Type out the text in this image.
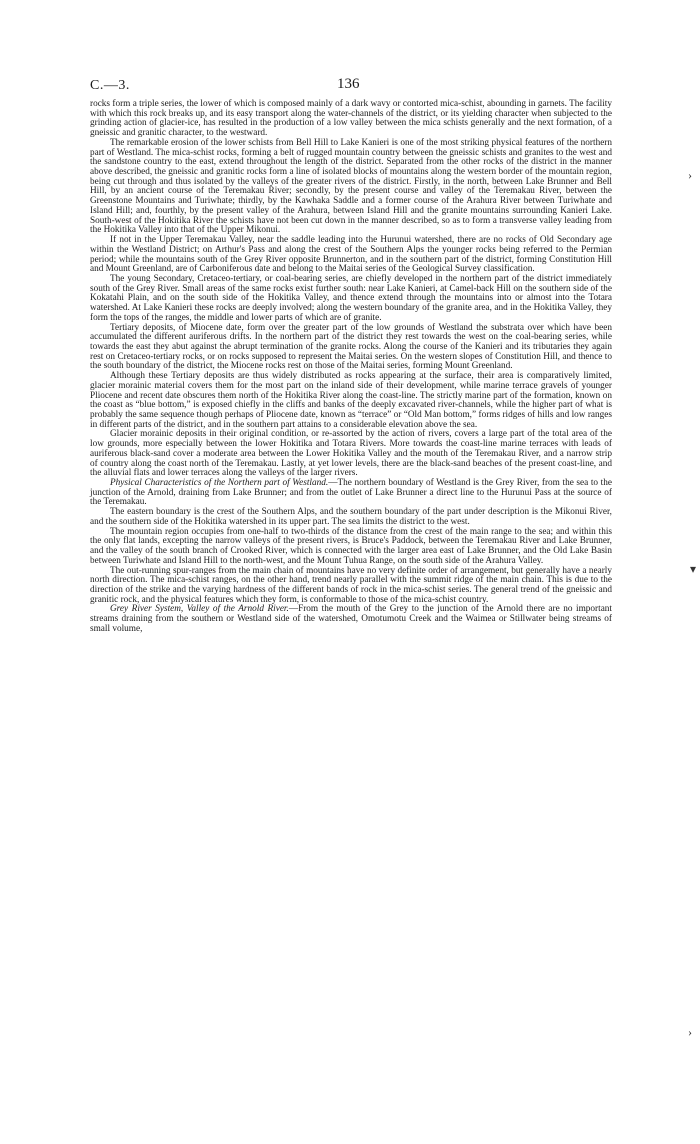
C.—3.	136

rocks form a triple series, the lower of which is composed mainly of a dark wavy or contorted mica-schist, abounding in garnets. The facility with which this rock breaks up, and its easy transport along the water-channels of the district, or its yielding character when subjected to the grinding action of glacier-ice, has resulted in the production of a low valley between the mica schists generally and the next formation, of a gneissic and granitic character, to the westward.

The remarkable erosion of the lower schists from Bell Hill to Lake Kanieri is one of the most striking physical features of the northern part of Westland. The mica-schist rocks, forming a belt of rugged mountain country between the gneissic schists and granites to the west and the sandstone country to the east, extend throughout the length of the district. Separated from the other rocks of the district in the manner above described, the gneissic and granitic rocks form a line of isolated blocks of mountains along the western border of the mountain region, being cut through and thus isolated by the valleys of the greater rivers of the district. Firstly, in the north, between Lake Brunner and Bell Hill, by an ancient course of the Teremakau River; secondly, by the present course and valley of the Teremakau River, between the Greenstone Mountains and Turiwhate; thirdly, by the Kawhaka Saddle and a former course of the Arahura River between Turiwhate and Island Hill; and, fourthly, by the present valley of the Arahura, between Island Hill and the granite mountains surrounding Kanieri Lake. South-west of the Hokitika River the schists have not been cut down in the manner described, so as to form a transverse valley leading from the Hokitika Valley into that of the Upper Mikonui.

If not in the Upper Teremakau Valley, near the saddle leading into the Hurunui watershed, there are no rocks of Old Secondary age within the Westland District; on Arthur's Pass and along the crest of the Southern Alps the younger rocks being referred to the Permian period; while the mountains south of the Grey River opposite Brunnerton, and in the southern part of the district, forming Constitution Hill and Mount Greenland, are of Carboniferous date and belong to the Maitai series of the Geological Survey classification.

The young Secondary, Cretaceo-tertiary, or coal-bearing series, are chiefly developed in the northern part of the district immediately south of the Grey River. Small areas of the same rocks exist further south: near Lake Kanieri, at Camel-back Hill on the southern side of the Kokatahi Plain, and on the south side of the Hokitika Valley, and thence extend through the mountains into or almost into the Totara watershed. At Lake Kanieri these rocks are deeply involved; along the western boundary of the granite area, and in the Hokitika Valley, they form the tops of the ranges, the middle and lower parts of which are of granite.

Tertiary deposits, of Miocene date, form over the greater part of the low grounds of Westland the substrata over which have been accumulated the different auriferous drifts. In the northern part of the district they rest towards the west on the coal-bearing series, while towards the east they abut against the abrupt termination of the granite rocks. Along the course of the Kanieri and its tributaries they again rest on Cretaceo-tertiary rocks, or on rocks supposed to represent the Maitai series. On the western slopes of Constitution Hill, and thence to the south boundary of the district, the Miocene rocks rest on those of the Maitai series, forming Mount Greenland.

Although these Tertiary deposits are thus widely distributed as rocks appearing at the surface, their area is comparatively limited, glacier morainic material covers them for the most part on the inland side of their development, while marine terrace gravels of younger Pliocene and recent date obscures them north of the Hokitika River along the coast-line. The strictly marine part of the formation, known on the coast as “blue bottom,” is exposed chiefly in the cliffs and banks of the deeply excavated river-channels, while the higher part of what is probably the same sequence though perhaps of Pliocene date, known as “terrace” or “Old Man bottom,” forms ridges of hills and low ranges in different parts of the district, and in the southern part attains to a considerable elevation above the sea.

Glacier morainic deposits in their original condition, or re-assorted by the action of rivers, covers a large part of the total area of the low grounds, more especially between the lower Hokitika and Totara Rivers. More towards the coast-line marine terraces with leads of auriferous black-sand cover a moderate area between the Lower Hokitika Valley and the mouth of the Teremakau River, and a narrow strip of country along the coast north of the Teremakau. Lastly, at yet lower levels, there are the black-sand beaches of the present coast-line, and the alluvial flats and lower terraces along the valleys of the larger rivers.

Physical Characteristics of the Northern part of Westland.—The northern boundary of Westland is the Grey River, from the sea to the junction of the Arnold, draining from Lake Brunner; and from the outlet of Lake Brunner a direct line to the Hurunui Pass at the source of the Teremakau.

The eastern boundary is the crest of the Southern Alps, and the southern boundary of the part under description is the Mikonui River, and the southern side of the Hokitika watershed in its upper part. The sea limits the district to the west.

The mountain region occupies from one-half to two-thirds of the distance from the crest of the main range to the sea; and within this the only flat lands, excepting the narrow valleys of the present rivers, is Bruce's Paddock, between the Teremakau River and Lake Brunner, and the valley of the south branch of Crooked River, which is connected with the larger area east of Lake Brunner, and the Old Lake Basin between Turiwhate and Island Hill to the north-west, and the Mount Tuhua Range, on the south side of the Arahura Valley.

The out-running spur-ranges from the main chain of mountains have no very definite order of arrangement, but generally have a nearly north direction. The mica-schist ranges, on the other hand, trend nearly parallel with the summit ridge of the main chain. This is due to the direction of the strike and the varying hardness of the different bands of rock in the mica-schist series. The general trend of the gneissic and granitic rock, and the physical features which they form, is conformable to those of the mica-schist country.

Grey River System, Valley of the Arnold River.—From the mouth of the Grey to the junction of the Arnold there are no important streams draining from the southern or Westland side of the watershed, Omotumotu Creek and the Waimea or Stillwater being streams of small volume,

›
▾
›
